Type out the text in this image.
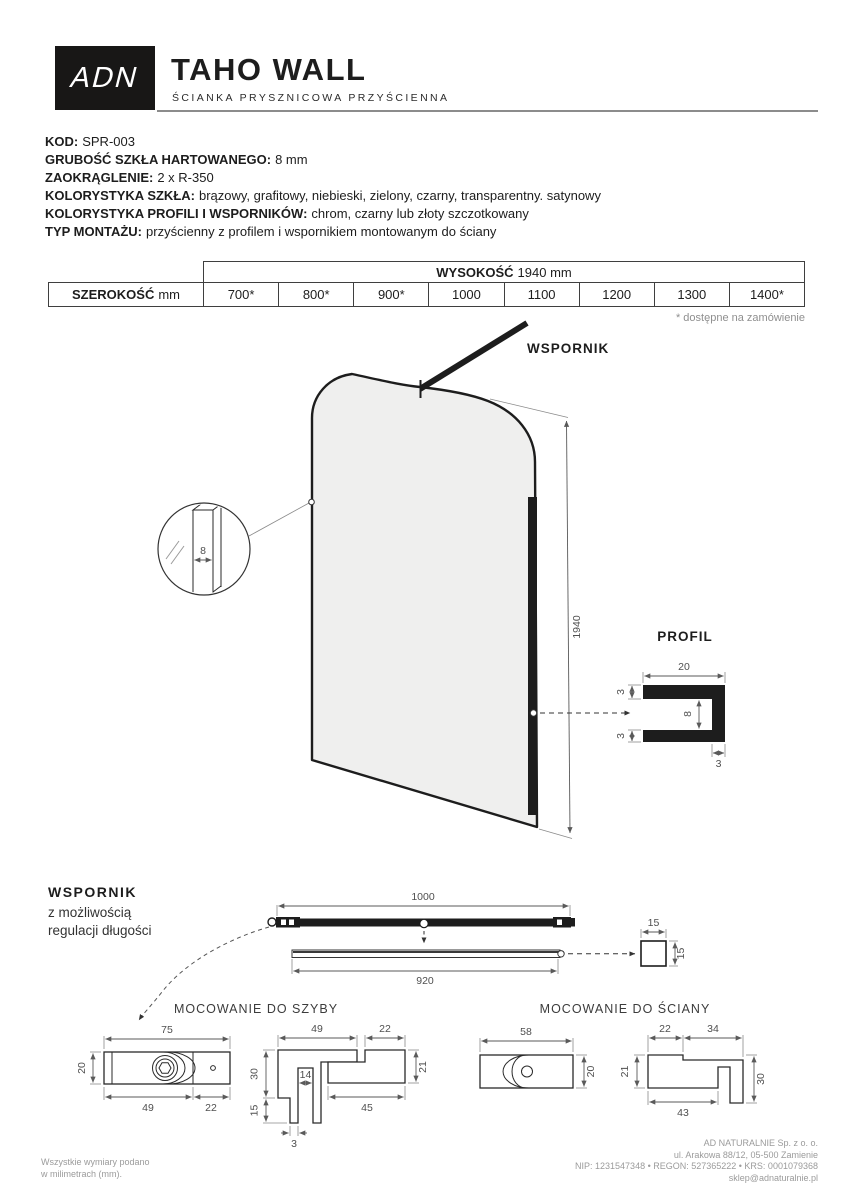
ADN TAHO WALL
ŚCIANKA PRYSZNICOWA PRZYŚCIENNA
KOD: SPR-003
GRUBOŚĆ SZKŁA HARTOWANEGO: 8 mm
ZAOKRĄGLENIE: 2 x R-350
KOLORYSTYKA SZKŁA: brązowy, grafitowy, niebieski, zielony, czarny, transparentny. satynowy
KOLORYSTYKA PROFILI I WSPORNIKÓW: chrom, czarny lub złoty szczotkowany
TYP MONTAŻU: przyścienny z profilem i wspornikiem montowanym do ściany
WYSOKOŚĆ 1940 mm
SZEROKOŚĆ mm	700*	800*	900*	1000	1100	1200	1300	1400*
* dostępne na zamówienie
WSPORNIK
1940
8
PROFIL
20
3
3
8
3
WSPORNIK
z możliwością
regulacji długości
1000
920
15
15
MOCOWANIE DO SZYBY
75
20
49	22
49	22
30
15
14
3
45
21
MOCOWANIE DO ŚCIANY
58
20
22	34
21
43
30
Wszystkie wymiary podano
w milimetrach (mm).
AD NATURALNIE Sp. z o. o.
ul. Arakowa 88/12, 05-500 Zamienie
NIP: 1231547348 • REGON: 527365222 • KRS: 0001079368
sklep@adnaturalnie.pl
